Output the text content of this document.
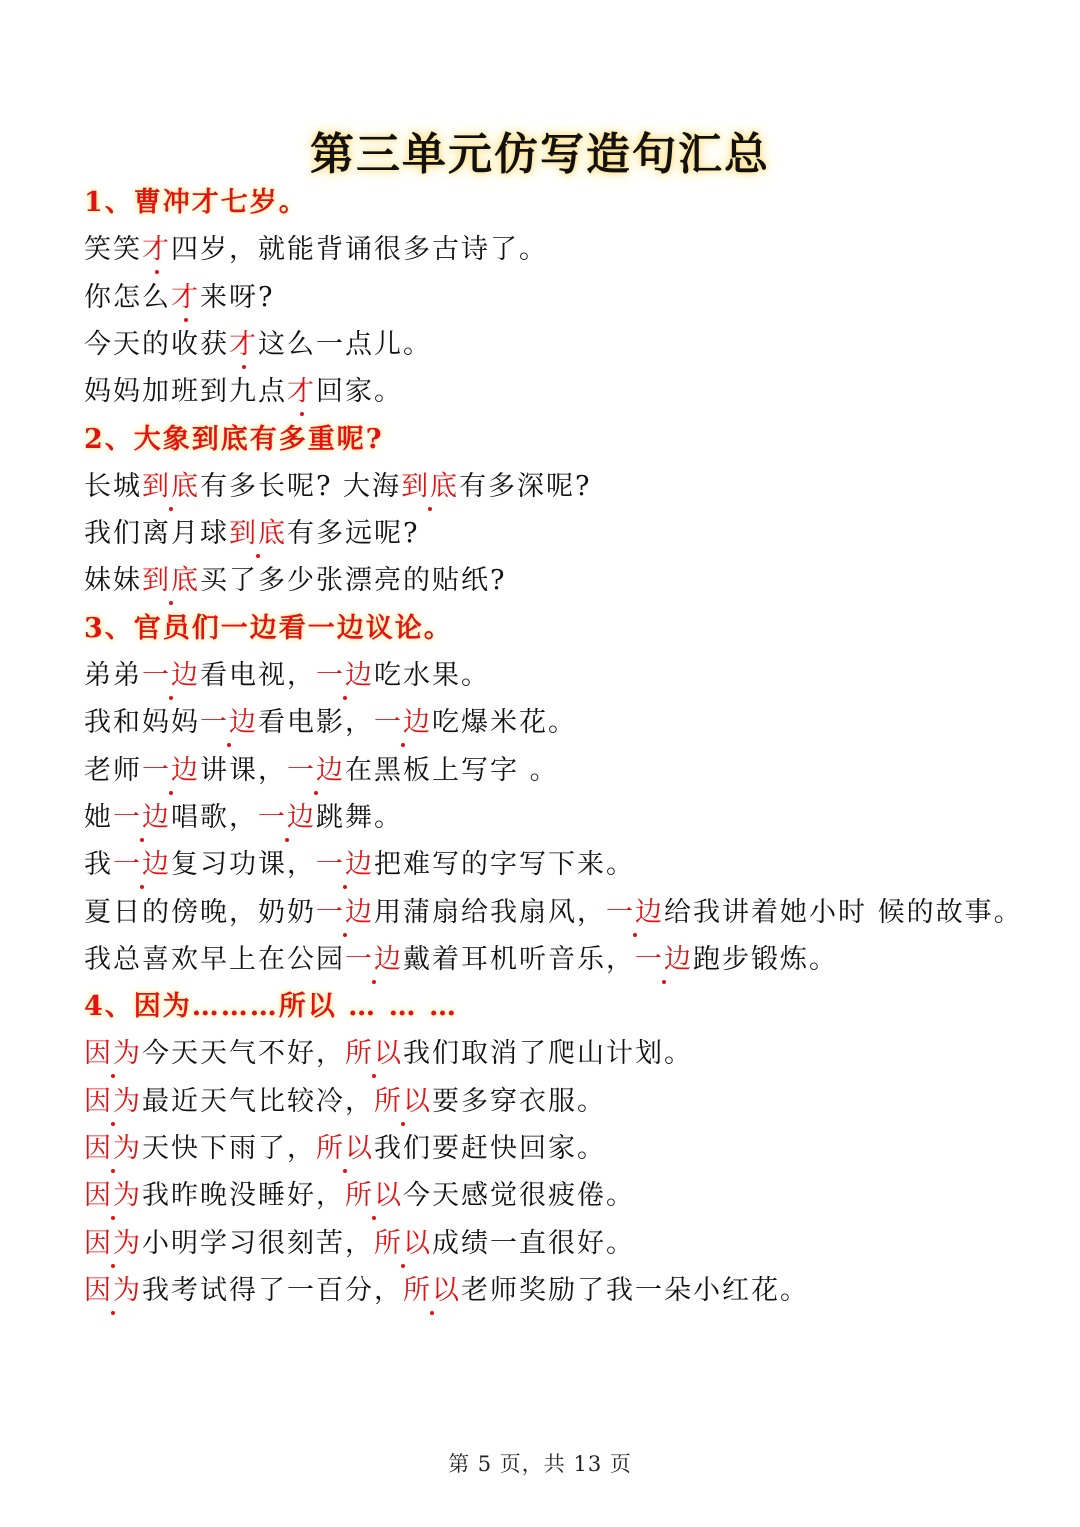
第三单元仿写造句汇总
1、曹冲才七岁。
笑笑才四岁，就能背诵很多古诗了。
你怎么才来呀?
今天的收获才这么一点儿。
妈妈加班到九点才回家。
2、大象到底有多重呢?
长城到底有多长呢? 大海到底有多深呢?
我们离月球到底有多远呢?
妹妹到底买了多少张漂亮的贴纸?
3、官员们一边看一边议论。
弟弟一边看电视，一边吃水果。
我和妈妈一边看电影，一边吃爆米花。
老师一边讲课，一边在黑板上写字 。
她一边唱歌，一边跳舞。
我一边复习功课，一边把难写的字写下来。
夏日的傍晚，奶奶一边用蒲扇给我扇风，一边给我讲着她小时 候的故事。
我总喜欢早上在公园一边戴着耳机听音乐，一边跑步锻炼。
4、因为………所以 … … …
因为今天天气不好，所以我们取消了爬山计划。
因为最近天气比较冷，所以要多穿衣服。
因为天快下雨了，所以我们要赶快回家。
因为我昨晚没睡好，所以今天感觉很疲倦。
因为小明学习很刻苦，所以成绩一直很好。
因为我考试得了一百分，所以老师奖励了我一朵小红花。
第 5 页，共 13 页
